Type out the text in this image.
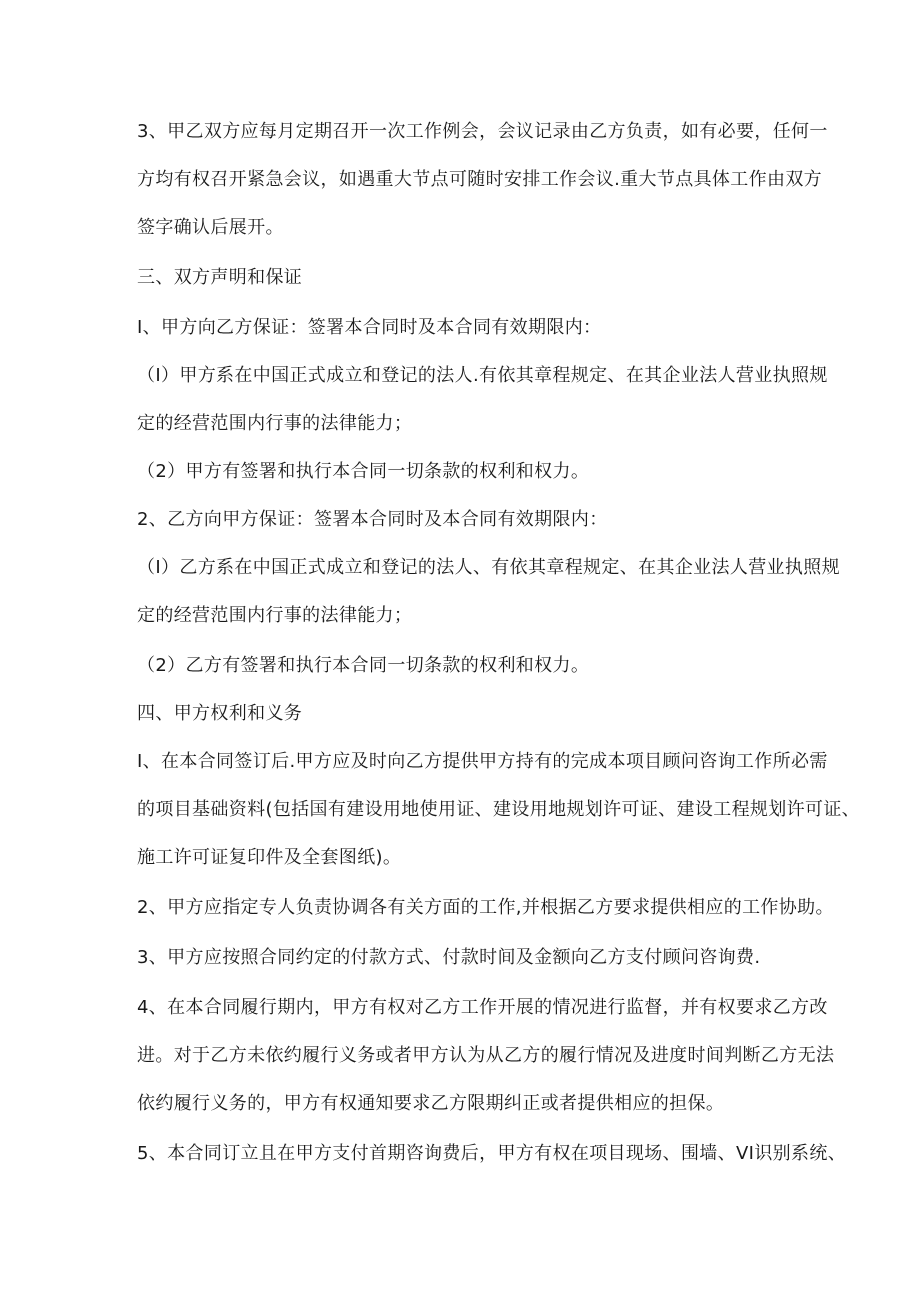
3、甲乙双方应每月定期召开一次工作例会，会议记录由乙方负责，如有必要，任何一
方均有权召开紧急会议，如遇重大节点可随时安排工作会议.重大节点具体工作由双方
签字确认后展开。
三、双方声明和保证
I、甲方向乙方保证：签署本合同时及本合同有效期限内：
（I）甲方系在中国正式成立和登记的法人.有依其章程规定、在其企业法人营业执照规
定的经营范围内行事的法律能力；
（2）甲方有签署和执行本合同一切条款的权利和权力。
2、乙方向甲方保证：签署本合同时及本合同有效期限内：
（I）乙方系在中国正式成立和登记的法人、有依其章程规定、在其企业法人营业执照规
定的经营范围内行事的法律能力；
（2）乙方有签署和执行本合同一切条款的权利和权力。
四、甲方权利和义务
I、在本合同签订后.甲方应及时向乙方提供甲方持有的完成本项目顾问咨询工作所必需
的项目基础资料(包括国有建设用地使用证、建设用地规划许可证、建设工程规划许可证、
施工许可证复印件及全套图纸)。
2、甲方应指定专人负责协调各有关方面的工作,并根据乙方要求提供相应的工作协助。
3、甲方应按照合同约定的付款方式、付款时间及金额向乙方支付顾问咨询费.
4、在本合同履行期内，甲方有权对乙方工作开展的情况进行监督，并有权要求乙方改
进。对于乙方未依约履行义务或者甲方认为从乙方的履行情况及进度时间判断乙方无法
依约履行义务的，甲方有权通知要求乙方限期纠正或者提供相应的担保。
5、本合同订立且在甲方支付首期咨询费后，甲方有权在项目现场、围墙、VI识别系统、
